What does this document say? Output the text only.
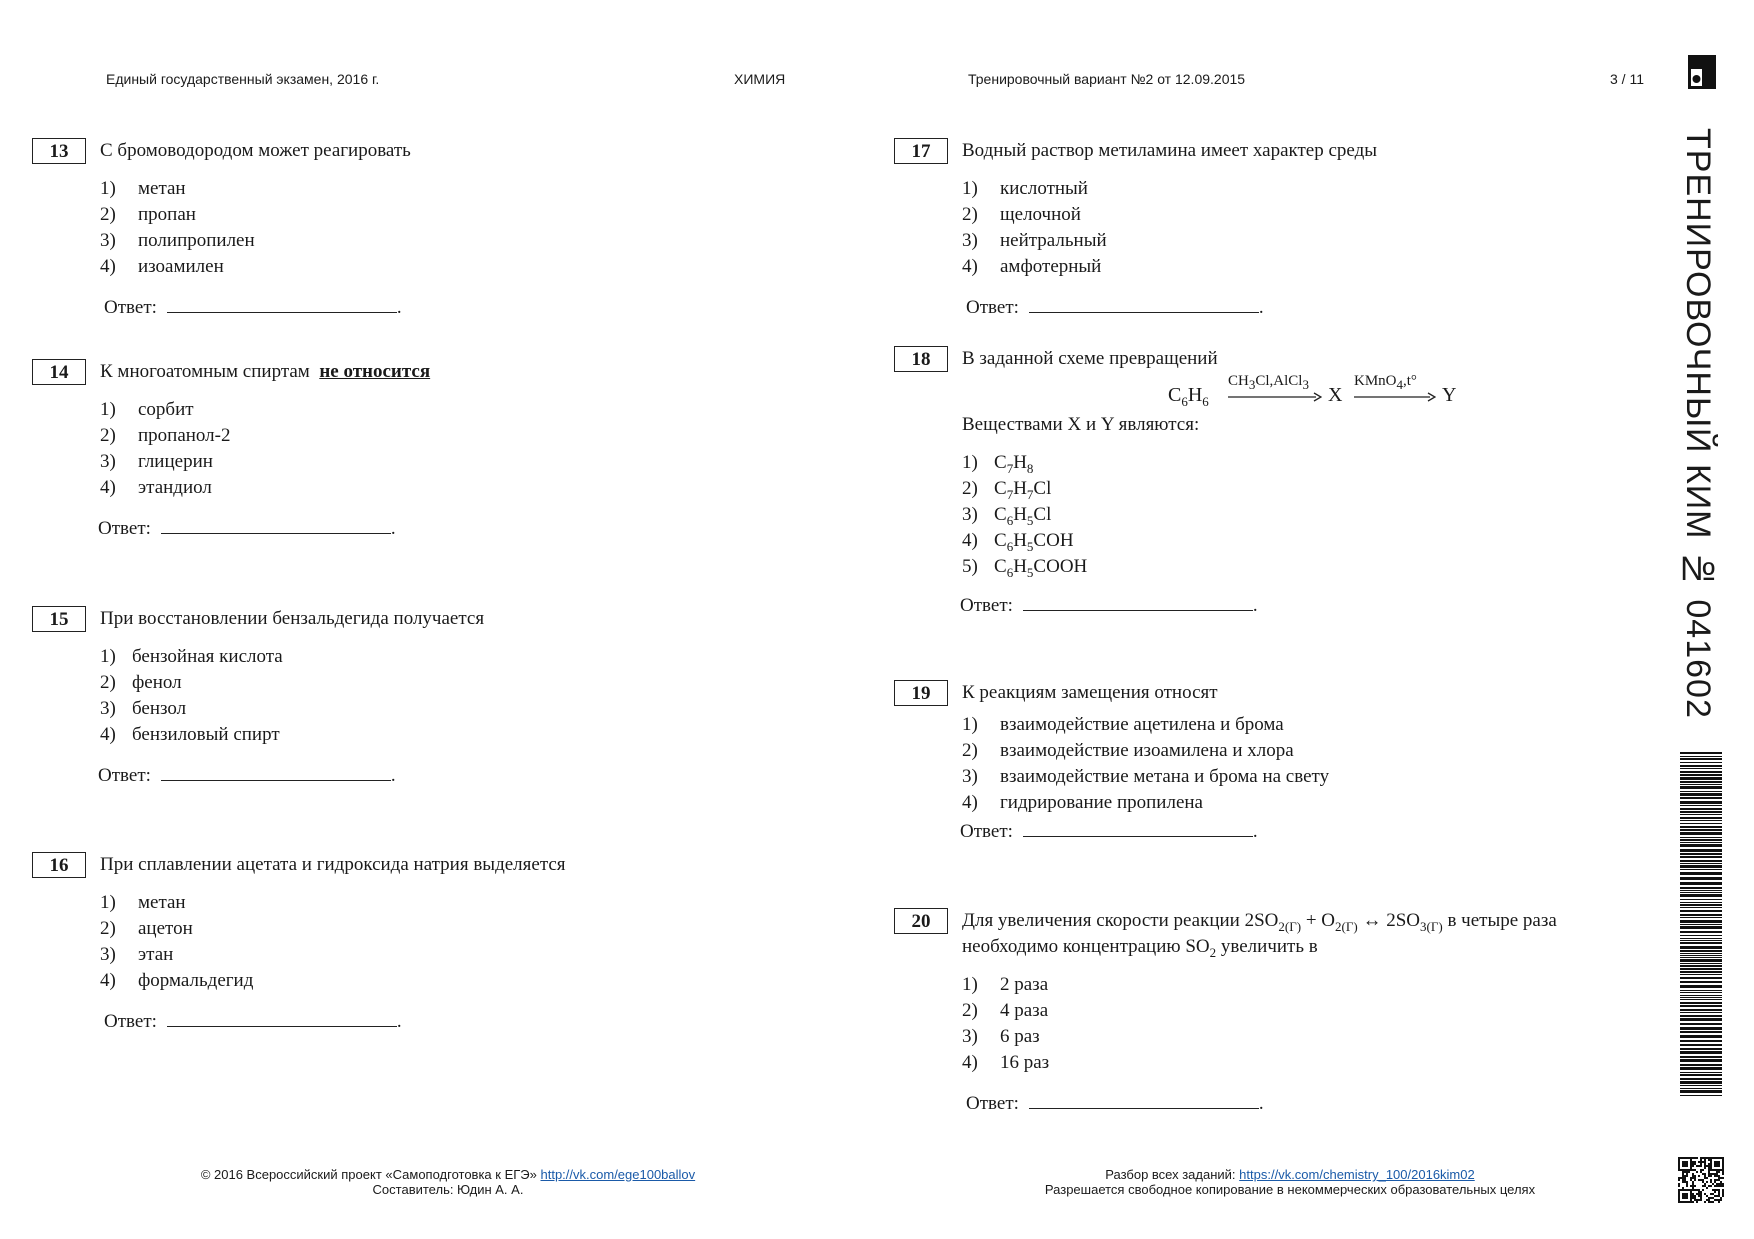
Единый государственный экзамен, 2016 г.	ХИМИЯ	Тренировочный вариант №2 от 12.09.2015	3 / 11
13	С бромоводородом может реагировать
1) метан
2) пропан
3) полипропилен
4) изоамилен
Ответ:	.
14	К многоатомным спиртам не относится
1) сорбит
2) пропанол-2
3) глицерин
4) этандиол
Ответ:	.
15	При восстановлении бензальдегида получается
1) бензойная кислота
2) фенол
3) бензол
4) бензиловый спирт
Ответ:	.
16	При сплавлении ацетата и гидроксида натрия выделяется
1) метан
2) ацетон
3) этан
4) формальдегид
Ответ:	.
17	Водный раствор метиламина имеет характер среды
1) кислотный
2) щелочной
3) нейтральный
4) амфотерный
Ответ:	.
18	В заданной схеме превращений
$C_6H_6$
$CH_3Cl,AlCl_3$ X
KMnO$_4$,t°
Y
Веществами X и Y являются:
1) $C_7H_8$
2) $C_7H_7Cl$
3) $C_6H_5Cl$
4) $C_6H_5COH$
5) $C_6H_5COOH$
Ответ:	.
19	К реакциям замещения относят
1) взаимодействие ацетилена и брома
2) взаимодействие изоамилена и хлора
3) взаимодействие метана и брома на свету
4) гидрирование пропилена
Ответ:	.
20	Для увеличения скорости реакции $2SO_{2(Г)} + O_{2(Г)}$ ↔ $2SO_{3(Г)}$ в четыре раза
необходимо концентрацию $SO_2$ увеличить в
1) 2 раза
2) 4 раза
3) 6 раз
4) 16 раз
Ответ:	.
© 2016 Всероссийский проект «Самоподготовка к ЕГЭ» http://vk.com/ege100ballov
Составитель: Юдин А. А.
Разбор всех заданий: https://vk.com/chemistry_100/2016kim02
Разрешается свободное копирование в некоммерческих образовательных целях
ТРЕНИРОВОЧНЫЙ КИМ № 041602
